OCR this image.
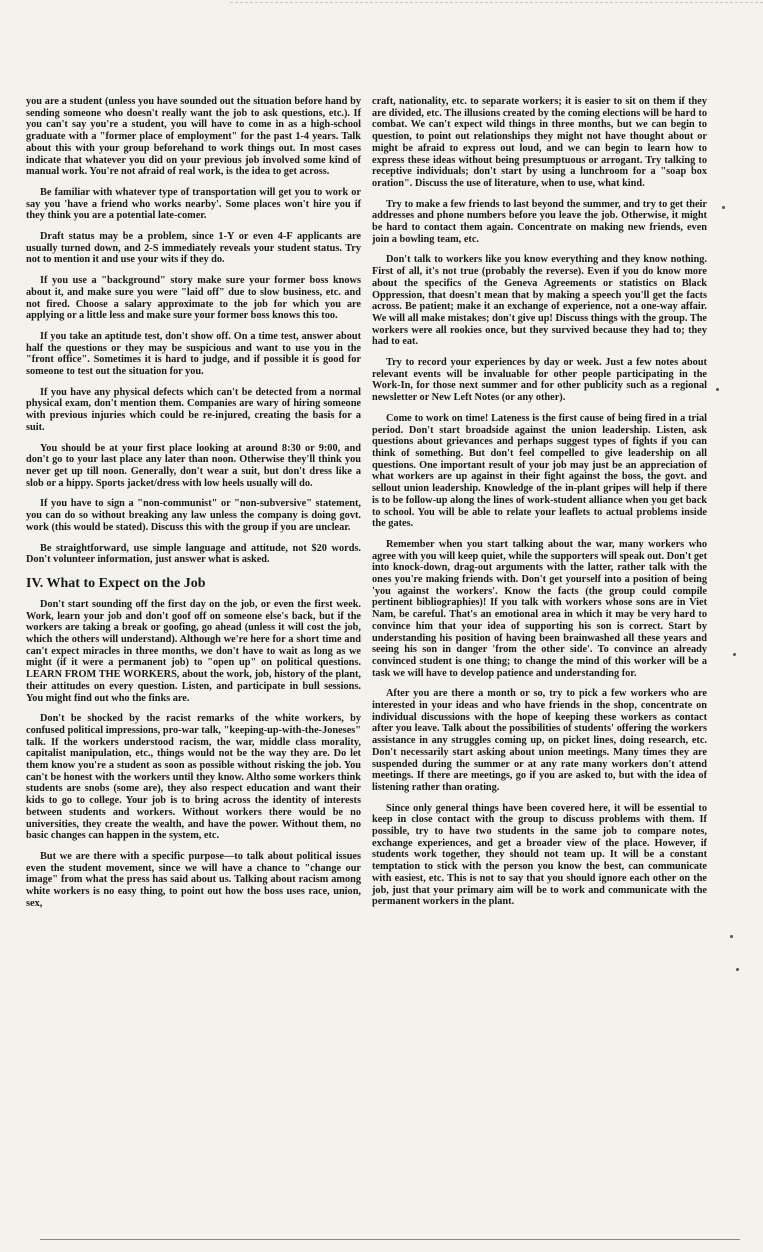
you are a student (unless you have sounded out the situation before hand by sending someone who doesn't really want the job to ask questions, etc.). If you can't say you're a student, you will have to come in as a high-school graduate with a "former place of employment" for the past 1-4 years. Talk about this with your group beforehand to work things out. In most cases indicate that whatever you did on your previous job involved some kind of manual work. You're not afraid of real work, is the idea to get across.

Be familiar with whatever type of transportation will get you to work or say you 'have a friend who works nearby'. Some places won't hire you if they think you are a potential late-comer.

Draft status may be a problem, since 1-Y or even 4-F applicants are usually turned down, and 2-S immediately reveals your student status. Try not to mention it and use your wits if they do.

If you use a "background" story make sure your former boss knows about it, and make sure you were "laid off" due to slow business, etc. and not fired. Choose a salary approximate to the job for which you are applying or a little less and make sure your former boss knows this too.

If you take an aptitude test, don't show off. On a time test, answer about half the questions or they may be suspicious and want to use you in the "front office". Sometimes it is hard to judge, and if possible it is good for someone to test out the situation for you.

If you have any physical defects which can't be detected from a normal physical exam, don't mention them. Companies are wary of hiring someone with previous injuries which could be re-injured, creating the basis for a suit.

You should be at your first place looking at around 8:30 or 9:00, and don't go to your last place any later than noon. Otherwise they'll think you never get up till noon. Generally, don't wear a suit, but don't dress like a slob or a hippy. Sports jacket/dress with low heels usually will do.

If you have to sign a "non-communist" or "non-subversive" statement, you can do so without breaking any law unless the company is doing govt. work (this would be stated). Discuss this with the group if you are unclear.

Be straightforward, use simple language and attitude, not $20 words. Don't volunteer information, just answer what is asked.

IV. What to Expect on the Job

Don't start sounding off the first day on the job, or even the first week. Work, learn your job and don't goof off on someone else's back, but if the workers are taking a break or goofing, go ahead (unless it will cost the job, which the others will understand). Although we're here for a short time and can't expect miracles in three months, we don't have to wait as long as we might (if it were a permanent job) to "open up" on political questions. LEARN FROM THE WORKERS, about the work, job, history of the plant, their attitudes on every question. Listen, and participate in bull sessions. You might find out who the finks are.

Don't be shocked by the racist remarks of the white workers, by confused political impressions, pro-war talk, "keeping-up-with-the-Joneses" talk. If the workers understood racism, the war, middle class morality, capitalist manipulation, etc., things would not be the way they are. Do let them know you're a student as soon as possible without risking the job. You can't be honest with the workers until they know. Altho some workers think students are snobs (some are), they also respect education and want their kids to go to college. Your job is to bring across the identity of interests between students and workers. Without workers there would be no universities, they create the wealth, and have the power. Without them, no basic changes can happen in the system, etc.

But we are there with a specific purpose—to talk about political issues even the student movement, since we will have a chance to "change our image" from what the press has said about us. Talking about racism among white workers is no easy thing, to point out how the boss uses race, union, sex,

craft, nationality, etc. to separate workers; it is easier to sit on them if they are divided, etc. The illusions created by the coming elections will be hard to combat. We can't expect wild things in three months, but we can begin to question, to point out relationships they might not have thought about or might be afraid to express out loud, and we can begin to learn how to express these ideas without being presumptuous or arrogant. Try talking to receptive individuals; don't start by using a lunchroom for a "soap box oration". Discuss the use of literature, when to use, what kind.

Try to make a few friends to last beyond the summer, and try to get their addresses and phone numbers before you leave the job. Otherwise, it might be hard to contact them again. Concentrate on making new friends, even join a bowling team, etc.

Don't talk to workers like you know everything and they know nothing. First of all, it's not true (probably the reverse). Even if you do know more about the specifics of the Geneva Agreements or statistics on Black Oppression, that doesn't mean that by making a speech you'll get the facts across. Be patient; make it an exchange of experience, not a one-way affair. We will all make mistakes; don't give up! Discuss things with the group. The workers were all rookies once, but they survived because they had to; they had to eat.

Try to record your experiences by day or week. Just a few notes about relevant events will be invaluable for other people participating in the Work-In, for those next summer and for other publicity such as a regional newsletter or New Left Notes (or any other).

Come to work on time! Lateness is the first cause of being fired in a trial period. Don't start broadside against the union leadership. Listen, ask questions about grievances and perhaps suggest types of fights if you can think of something. But don't feel compelled to give leadership on all questions. One important result of your job may just be an appreciation of what workers are up against in their fight against the boss, the govt. and sellout union leadership. Knowledge of the in-plant gripes will help if there is to be follow-up along the lines of work-student alliance when you get back to school. You will be able to relate your leaflets to actual problems inside the gates.

Remember when you start talking about the war, many workers who agree with you will keep quiet, while the supporters will speak out. Don't get into knock-down, drag-out arguments with the latter, rather talk with the ones you're making friends with. Don't get yourself into a position of being 'you against the workers'. Know the facts (the group could compile pertinent bibliographies)! If you talk with workers whose sons are in Viet Nam, be careful. That's an emotional area in which it may be very hard to convince him that your idea of supporting his son is correct. Start by understanding his position of having been brainwashed all these years and seeing his son in danger 'from the other side'. To convince an already convinced student is one thing; to change the mind of this worker will be a task we will have to develop patience and understanding for.

After you are there a month or so, try to pick a few workers who are interested in your ideas and who have friends in the shop, concentrate on individual discussions with the hope of keeping these workers as contact after you leave. Talk about the possibilities of students' offering the workers assistance in any struggles coming up, on picket lines, doing research, etc. Don't necessarily start asking about union meetings. Many times they are suspended during the summer or at any rate many workers don't attend meetings. If there are meetings, go if you are asked to, but with the idea of listening rather than orating.

Since only general things have been covered here, it will be essential to keep in close contact with the group to discuss problems with them. If possible, try to have two students in the same job to compare notes, exchange experiences, and get a broader view of the place. However, if students work together, they should not team up. It will be a constant temptation to stick with the person you know the best, can communicate with easiest, etc. This is not to say that you should ignore each other on the job, just that your primary aim will be to work and communicate with the permanent workers in the plant.
